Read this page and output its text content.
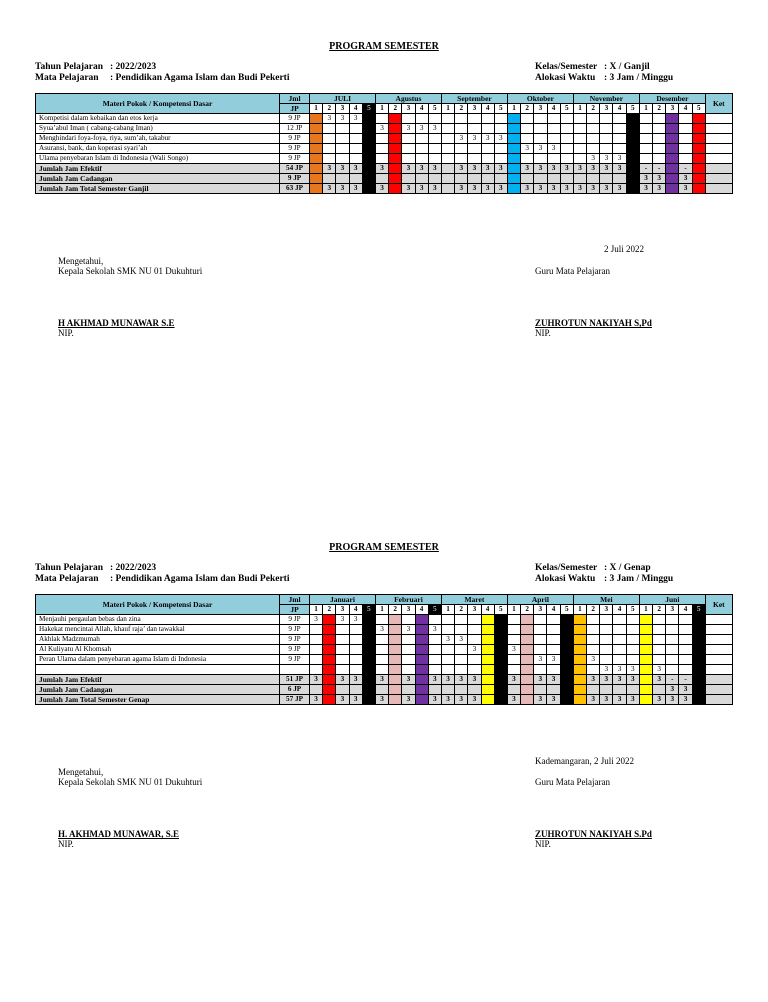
PROGRAM SEMESTER
Tahun Pelajaran : 2022/2023
Mata Pelajaran : Pendidikan Agama Islam dan Budi Pekerti
Kelas/Semester : X / Ganjil
Alokasi Waktu : 3 Jam / Minggu
Materi Pokok / Kompetensi Dasar	Jml	JULI					Agustus					September					Oktober					November					Desember					Ket
	JP	1	2	3	4	5	1	2	3	4	5	1	2	3	4	5	1	2	3	4	5	1	2	3	4	5	1	2	3	4	5	
Kompetisi dalam kebaikan dan etos kerja	9 JP		3	3	3																											
Syua’abul Iman ( cabang-cabang Iman)	12 JP						3		3	3	3																					
Menghindari foya-foya, riya, sum’ah, takabur	9 JP												3	3	3	3																
Asuransi, bank, dan koperasi syari’ah	9 JP																	3	3	3												
Ulama penyebaran Islam di Indonesia (Wali Songo)	9 JP																						3	3	3							
Jumlah Jam Efektif	54 JP		3	3	3		3		3	3	3		3	3	3	3		3	3	3	3	3	3	3	3		-	-		-		
Jumlah Jam Cadangan	9 JP																										3	3		3		
Jumlah Jam Total Semester Ganjil	63 JP		3	3	3		3		3	3	3		3	3	3	3		3	3	3	3	3	3	3	3		3	3		3		
2 Juli 2022
Mengetahui,
Kepala Sekolah SMK NU 01 Dukuhturi	Guru Mata Pelajaran
H AKHMAD MUNAWAR S.E	ZUHROTUN NAKIYAH S,Pd
NIP.	NIP.
PROGRAM SEMESTER
Tahun Pelajaran : 2022/2023
Mata Pelajaran : Pendidikan Agama Islam dan Budi Pekerti
Kelas/Semester : X / Genap
Alokasi Waktu : 3 Jam / Minggu
Materi Pokok / Kompetensi Dasar	Jml	Januari					Februari					Maret					April					Mei					Juni					Ket
	JP	1	2	3	4	5	1	2	3	4	5	1	2	3	4	5	1	2	3	4	5	1	2	3	4	5	1	2	3	4	5	
Menjauhi pergaulan bebas dan zina	9 JP	3		3	3																											
Hakekat mencintai Allah, khauf raja’ dan tawakkal	9 JP						3		3		3																					
Akhlak Madzmumah	9 JP											3	3																			
Al Kuliyatu Al Khomsah	9 JP													3			3															
Peran Ulama dalam penyebaran agama Islam di Indonesia	9 JP																		3	3			3									
																								3	3	3		3				
Jumlah Jam Efektif	51 JP	3		3	3		3		3		3	3	3	3			3		3	3			3	3	3	3		3	-	-		
Jumlah Jam Cadangan	6 JP																												3	3		
Jumlah Jam Total Semester Genap	57 JP	3		3	3		3		3		3	3	3	3			3		3	3			3	3	3	3		3	3	3		
Kademangaran, 2 Juli 2022
Mengetahui,
Kepala Sekolah SMK NU 01 Dukuhturi	Guru Mata Pelajaran
H. AKHMAD MUNAWAR, S.E	ZUHROTUN NAKIYAH S.Pd
NIP.	NIP.
